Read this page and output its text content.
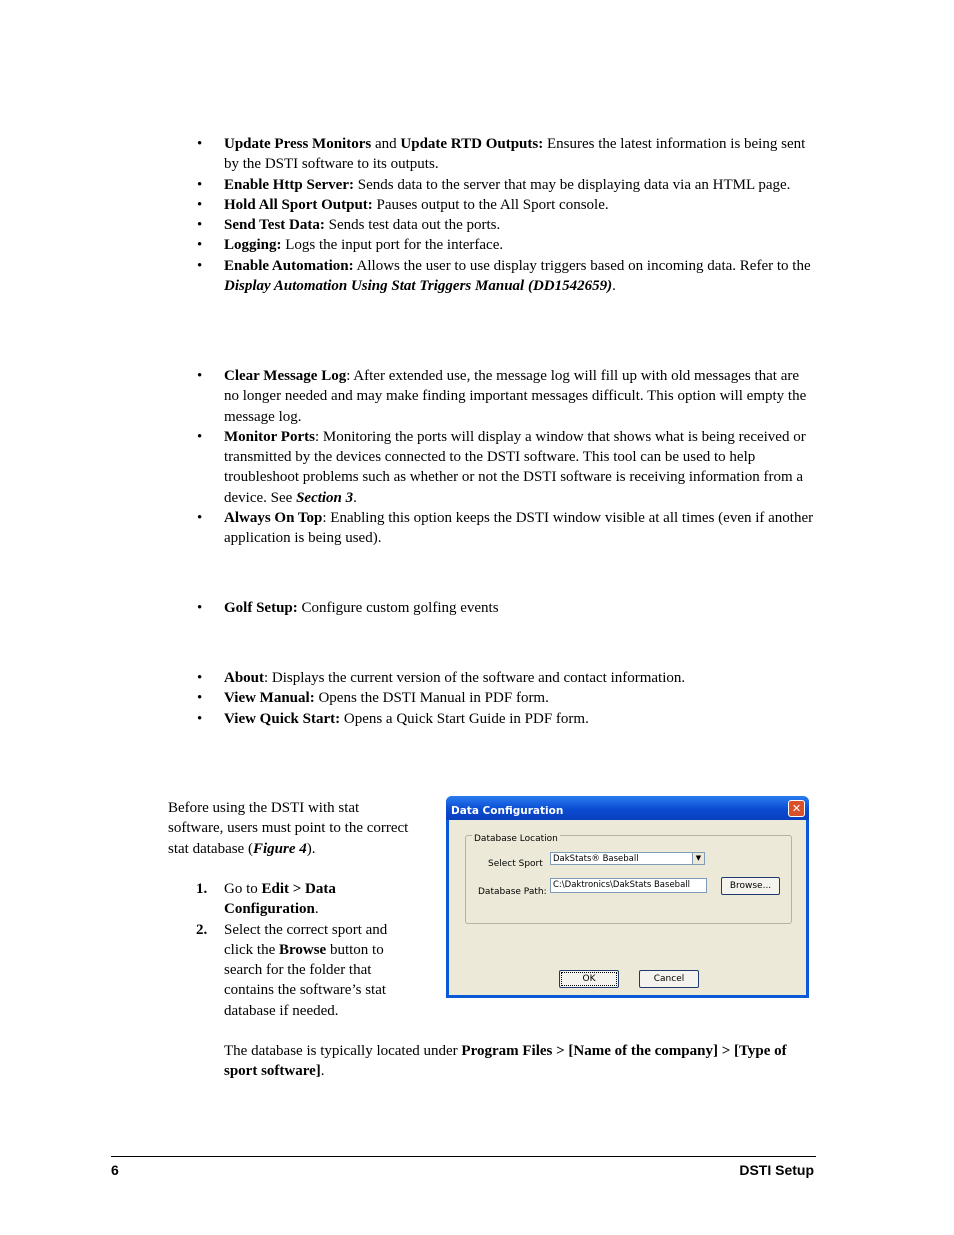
• Update Press Monitors and Update RTD Outputs: Ensures the latest information is being sent by the DSTI software to its outputs.
• Enable Http Server: Sends data to the server that may be displaying data via an HTML page.
• Hold All Sport Output: Pauses output to the All Sport console.
• Send Test Data: Sends test data out the ports.
• Logging: Logs the input port for the interface.
• Enable Automation: Allows the user to use display triggers based on incoming data. Refer to the Display Automation Using Stat Triggers Manual (DD1542659).
• Clear Message Log: After extended use, the message log will fill up with old messages that are no longer needed and may make finding important messages difficult. This option will empty the message log.
• Monitor Ports: Monitoring the ports will display a window that shows what is being received or transmitted by the devices connected to the DSTI software. This tool can be used to help troubleshoot problems such as whether or not the DSTI software is receiving information from a device. See Section 3.
• Always On Top: Enabling this option keeps the DSTI window visible at all times (even if another application is being used).
• Golf Setup: Configure custom golfing events
• About: Displays the current version of the software and contact information.
• View Manual: Opens the DSTI Manual in PDF form.
• View Quick Start: Opens a Quick Start Guide in PDF form.
Before using the DSTI with stat software, users must point to the correct stat database (Figure 4).
1. Go to Edit > Data Configuration.
2. Select the correct sport and click the Browse button to search for the folder that contains the software’s stat database if needed.
The database is typically located under Program Files > [Name of the company] > [Type of sport software].
Data Configuration	✕
Database Location
Select Sport	DakStats® Baseball	▼
Database Path:
C:\Daktronics\DakStats Baseball	Browse...
OK	Cancel
6	DSTI Setup
